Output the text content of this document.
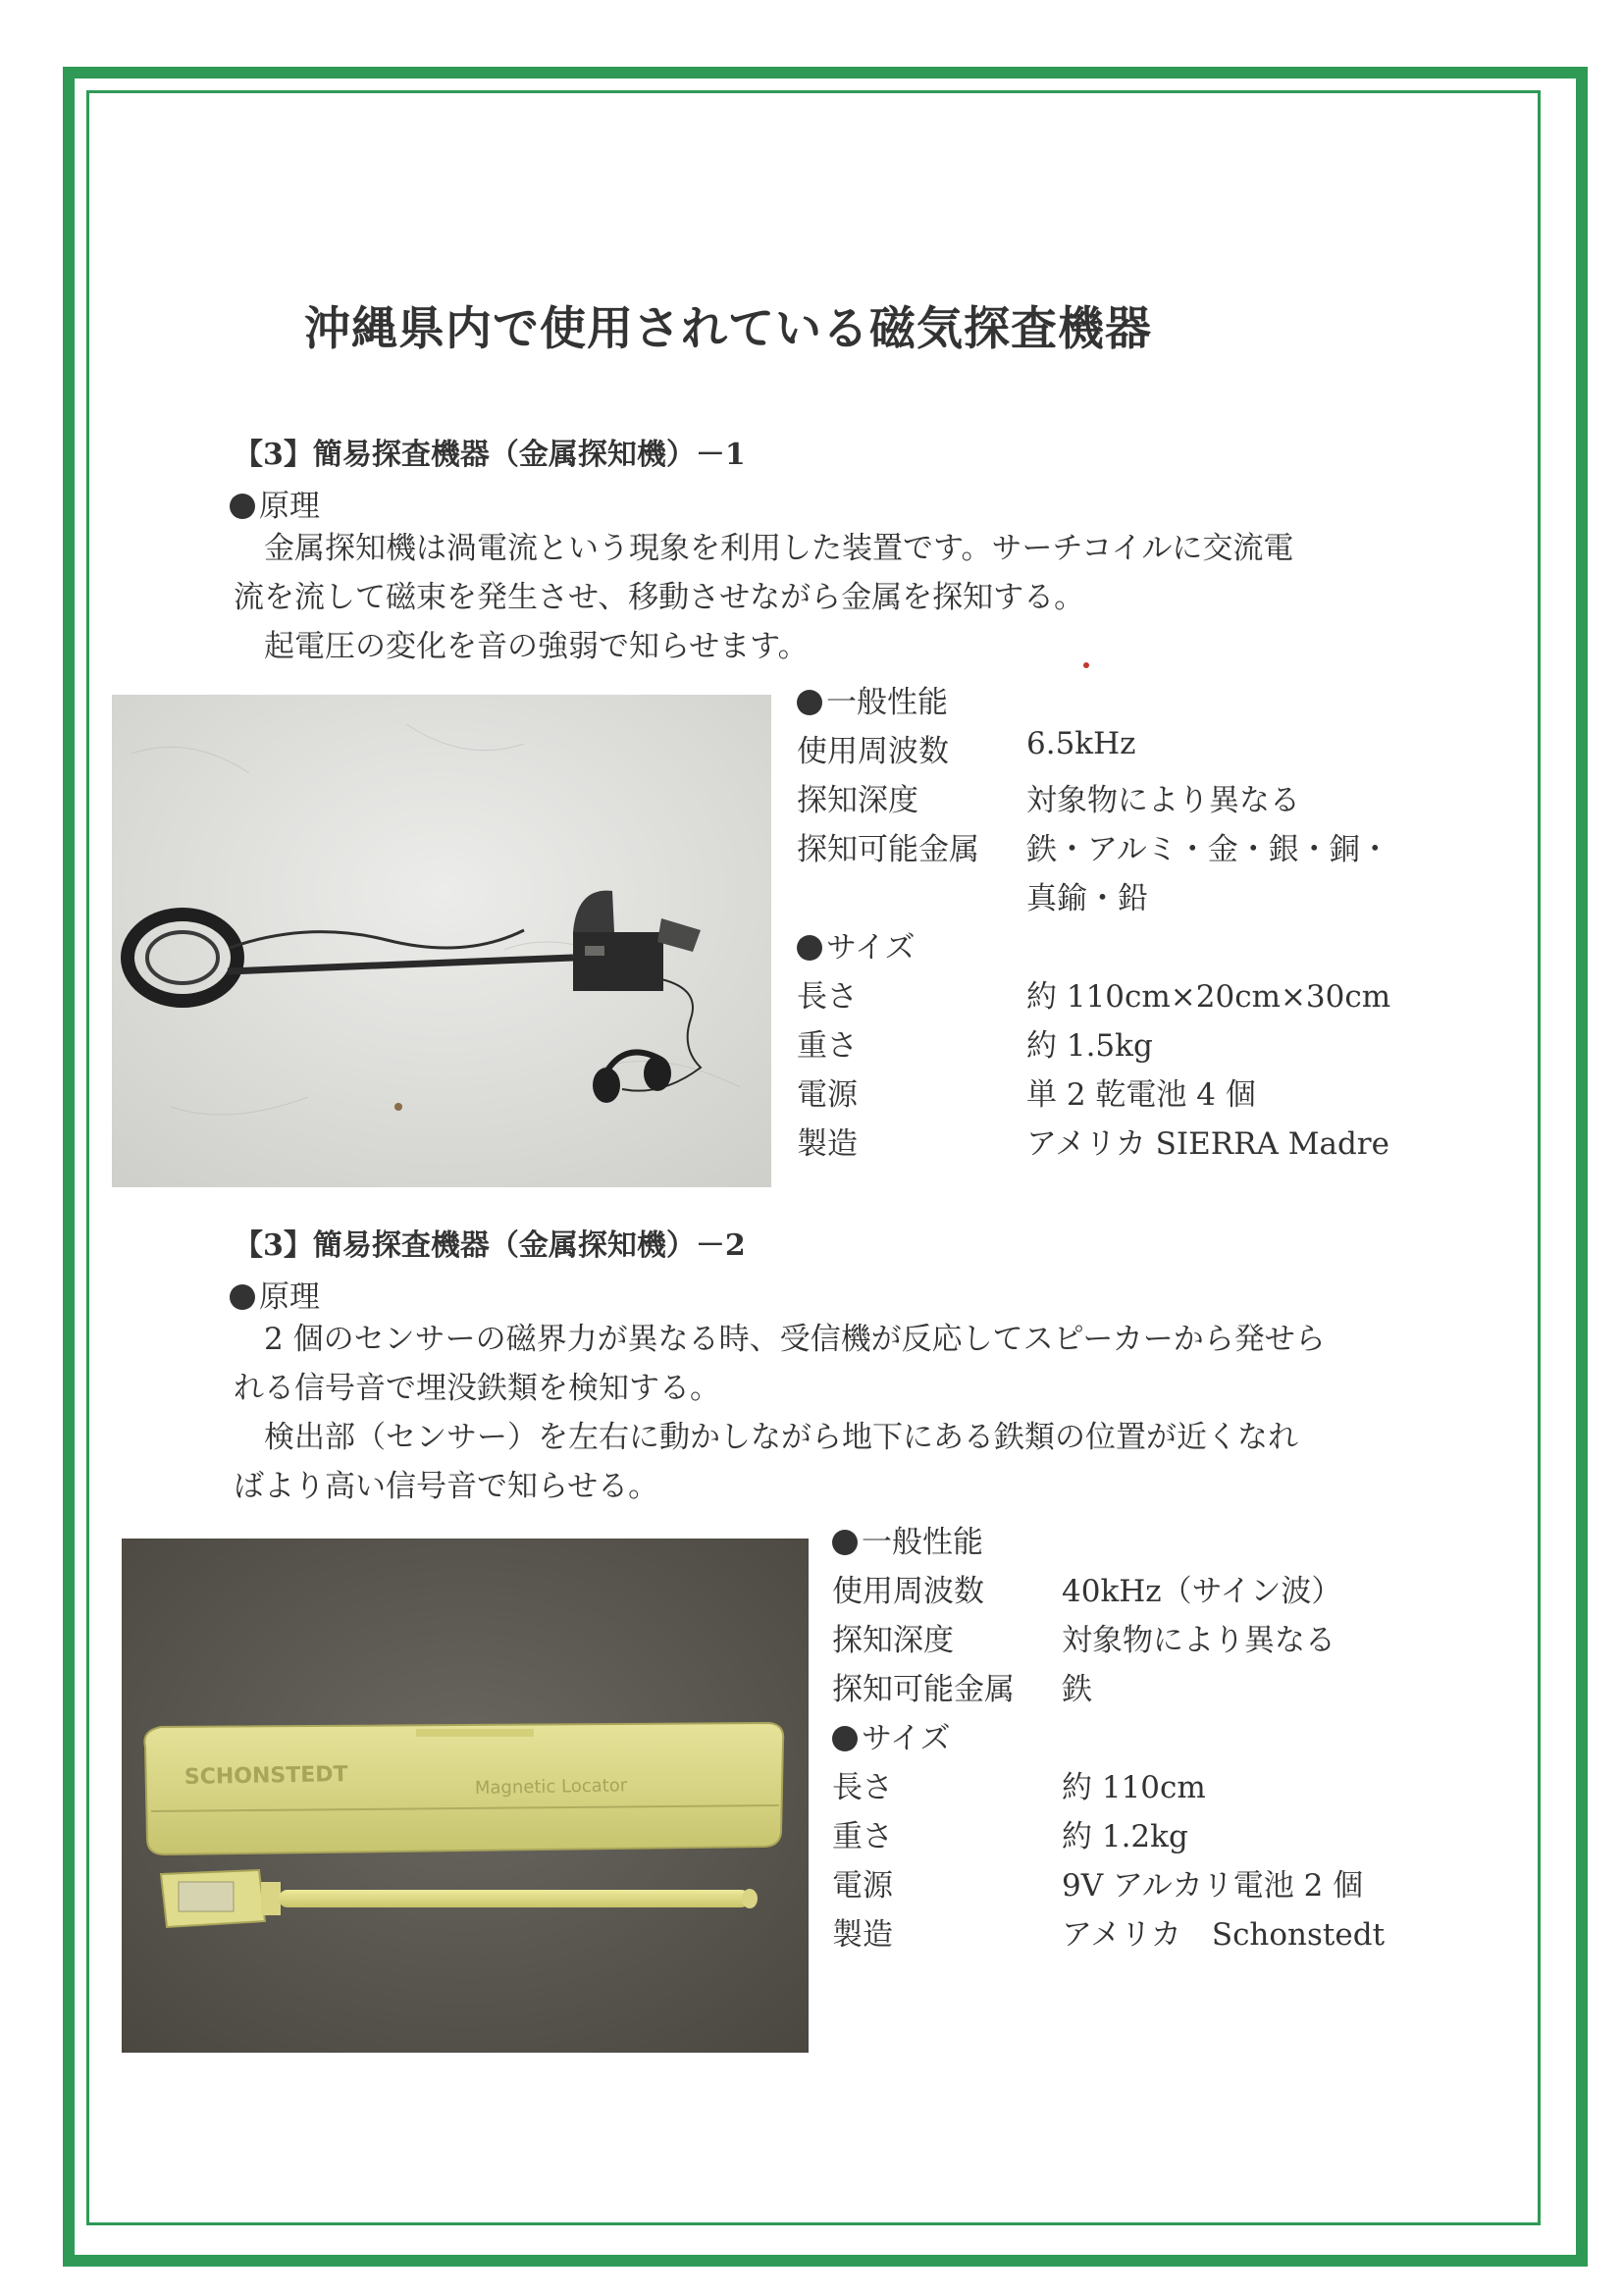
沖縄県内で使用されている磁気探査機器
【3】簡易探査機器（金属探知機）－1
原理
　金属探知機は渦電流という現象を利用した装置です。サーチコイルに交流電
流を流して磁束を発生させ、移動させながら金属を探知する。
　起電圧の変化を音の強弱で知らせます。
一般性能
使用周波数	6.5kHz
探知深度	対象物により異なる
探知可能金属 鉄・アルミ・金・銀・銅・
真鍮・鉛
サイズ
長さ	約 110cm×20cm×30cm
重さ	約 1.5kg
電源	単 2 乾電池 4 個
製造	アメリカ SIERRA Madre
【3】簡易探査機器（金属探知機）－2
原理
　2 個のセンサーの磁界力が異なる時、受信機が反応してスピーカーから発せら
れる信号音で埋没鉄類を検知する。
　検出部（センサー）を左右に動かしながら地下にある鉄類の位置が近くなれ
ばより高い信号音で知らせる。
SCHONSTEDT	Magnetic Locator
一般性能
使用周波数	40kHz（サイン波）
探知深度	対象物により異なる
探知可能金属 鉄
サイズ
長さ	約 110cm
重さ	約 1.2kg
電源	9V アルカリ電池 2 個
製造	アメリカ　Schonstedt
